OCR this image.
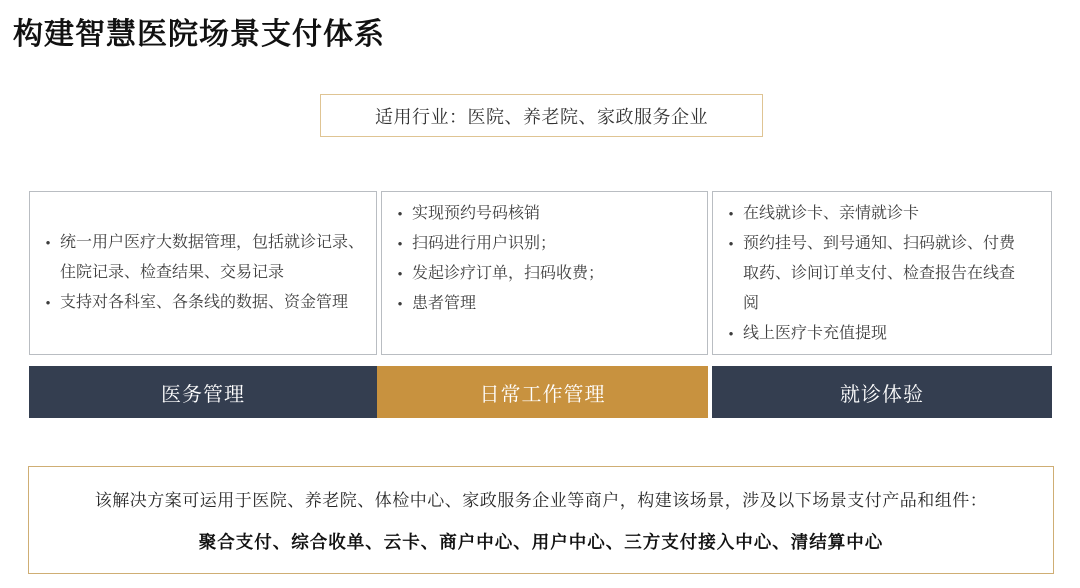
构建智慧医院场景支付体系
适用行业：医院、养老院、家政服务企业
• 统一用户医疗大数据管理，包括就诊记录、住院记录、检查结果、交易记录
• 支持对各科室、各条线的数据、资金管理
• 实现预约号码核销
• 扫码进行用户识别；
• 发起诊疗订单，扫码收费；
• 患者管理
• 在线就诊卡、亲情就诊卡
• 预约挂号、到号通知、扫码就诊、付费取药、诊间订单支付、检查报告在线查阅
• 线上医疗卡充值提现
医务管理	日常工作管理	就诊体验
该解决方案可运用于医院、养老院、体检中心、家政服务企业等商户，构建该场景，涉及以下场景支付产品和组件：
聚合支付、综合收单、云卡、商户中心、用户中心、三方支付接入中心、清结算中心
